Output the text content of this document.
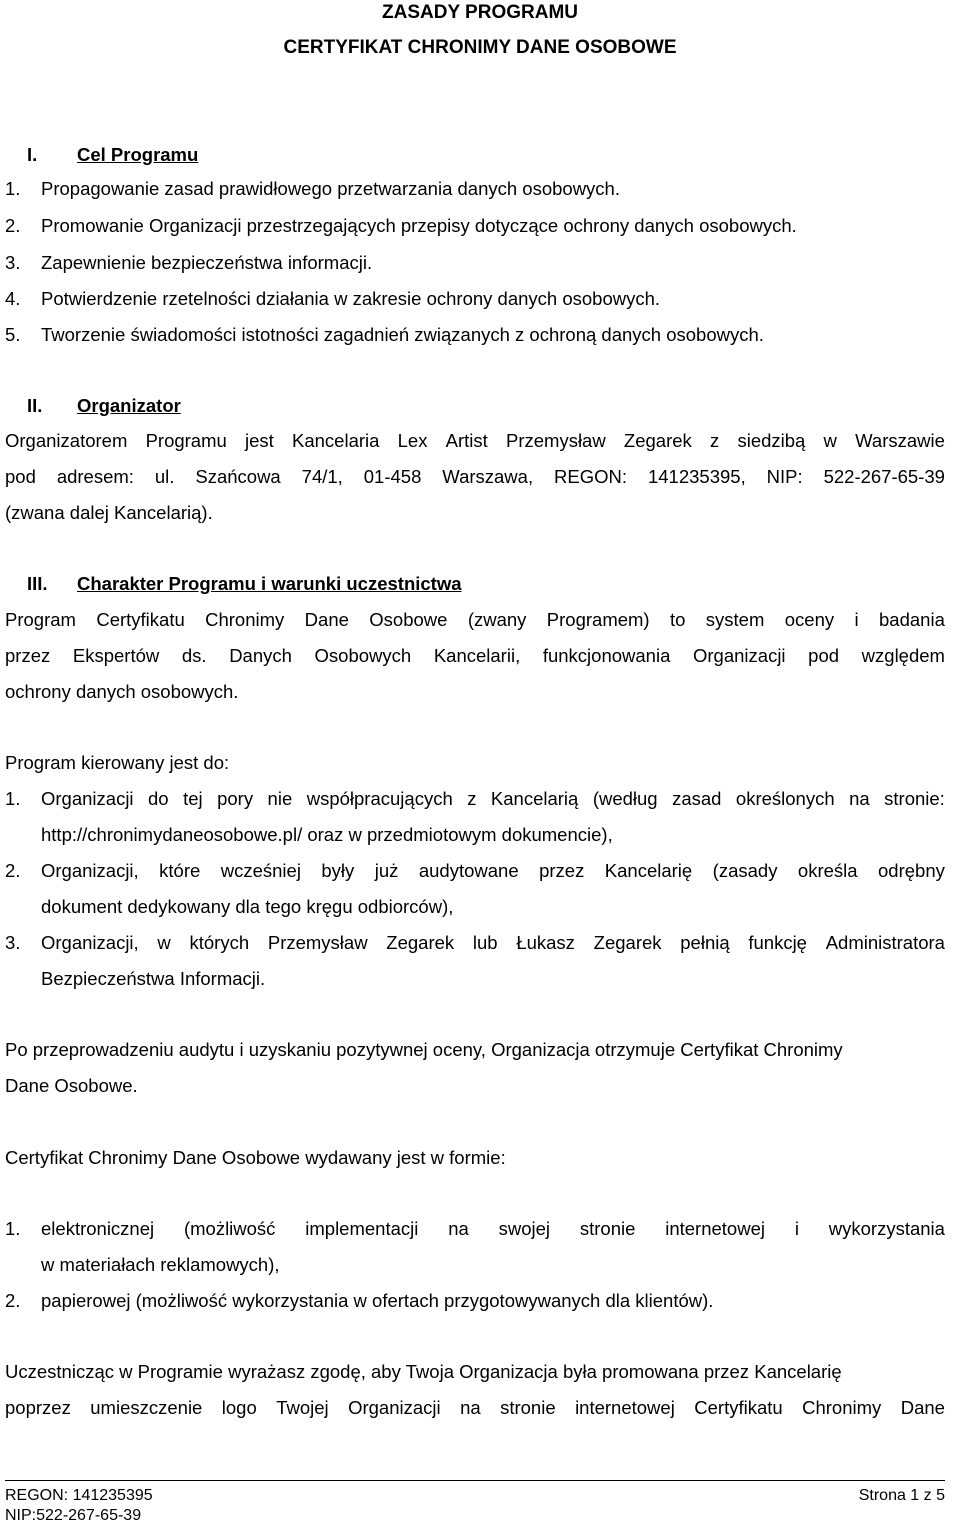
ZASADY PROGRAMU
CERTYFIKAT CHRONIMY DANE OSOBOWE
I. Cel Programu
1. Propagowanie zasad prawidłowego przetwarzania danych osobowych.
2. Promowanie Organizacji przestrzegających przepisy dotyczące ochrony danych osobowych.
3. Zapewnienie bezpieczeństwa informacji.
4. Potwierdzenie rzetelności działania w zakresie ochrony danych osobowych.
5. Tworzenie świadomości istotności zagadnień związanych z ochroną danych osobowych.
II. Organizator
Organizatorem Programu jest Kancelaria Lex Artist Przemysław Zegarek z siedzibą w Warszawie
pod adresem: ul. Szańcowa 74/1, 01-458 Warszawa, REGON: 141235395, NIP: 522-267-65-39
(zwana dalej Kancelarią).
III. Charakter Programu i warunki uczestnictwa
Program Certyfikatu Chronimy Dane Osobowe (zwany Programem) to system oceny i badania
przez Ekspertów ds. Danych Osobowych Kancelarii, funkcjonowania Organizacji pod względem
ochrony danych osobowych.
Program kierowany jest do:
1. Organizacji do tej pory nie współpracujących z Kancelarią (według zasad określonych na stronie:
http://chronimydaneosobowe.pl/ oraz w przedmiotowym dokumencie),
2. Organizacji, które wcześniej były już audytowane przez Kancelarię (zasady określa odrębny
dokument dedykowany dla tego kręgu odbiorców),
3. Organizacji, w których Przemysław Zegarek lub Łukasz Zegarek pełnią funkcję Administratora
Bezpieczeństwa Informacji.
Po przeprowadzeniu audytu i uzyskaniu pozytywnej oceny, Organizacja otrzymuje Certyfikat Chronimy
Dane Osobowe.
Certyfikat Chronimy Dane Osobowe wydawany jest w formie:
1. elektronicznej (możliwość implementacji na swojej stronie internetowej i wykorzystania
w materiałach reklamowych),
2. papierowej (możliwość wykorzystania w ofertach przygotowywanych dla klientów).
Uczestnicząc w Programie wyrażasz zgodę, aby Twoja Organizacja była promowana przez Kancelarię
poprzez umieszczenie logo Twojej Organizacji na stronie internetowej Certyfikatu Chronimy Dane
REGON: 141235395
NIP:522-267-65-39
Strona 1 z 5
